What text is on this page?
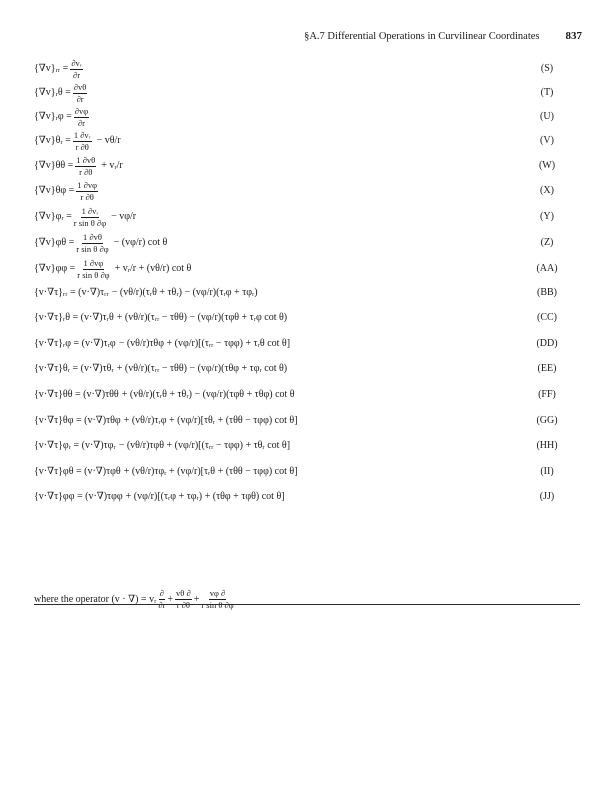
§A.7 Differential Operations in Curvilinear Coordinates 837
{∇v}ᵣᵣ = $\frac{\text{∂vᵣ}}{\partial r}$	(S)
{∇v}ᵣθ = $\frac{\partial v\theta}{\partial r}$	(T)
{∇v}ᵣφ = $\frac{\partial v\varphi}{\partial r}$	(U)
{∇v}θᵣ = $\frac{\text{1 ∂vᵣ}}{r \partial\theta} - v\theta/r$	(V)
$\{\nabla v\}\theta\theta = \frac{1 \partial v\theta}{r \partial\theta}$ + vᵣ/r	(W)
$\{\nabla v\}\theta\varphi = \frac{1 \partial v\varphi}{r \partial\theta}$	(X)
{∇v}φᵣ = $\frac{\text{1 ∂vᵣ}}{\text{r sin θ ∂φ}} - v\varphi/r$	(Y)
$\{\nabla v\}\varphi\theta = \frac{1 \partial v\theta}{\text{r sin θ ∂φ}} - (v\varphi/r)$ cot θ	(Z)
$\{\nabla v\}\varphi\varphi = \frac{1 \partial v\varphi}{\text{r sin θ ∂φ}}$ + vᵣ/r + (vθ/r) cot θ	(AA)
{v·∇τ}ᵣᵣ = (v·∇)τᵣᵣ − (vθ/r)(τᵣθ + τθᵣ) − (vφ/r)(τᵣφ + τφᵣ)	(BB)
{v·∇τ}ᵣθ = (v·∇)τᵣθ + (vθ/r)(τᵣᵣ − τθθ) − (vφ/r)(τφθ + τᵣφ cot θ)	(CC)
{v·∇τ}ᵣφ = (v·∇)τᵣφ − (vθ/r)τθφ + (vφ/r)[(τᵣᵣ − τφφ) + τᵣθ cot θ]	(DD)
{v·∇τ}θᵣ = (v·∇)τθᵣ + (vθ/r)(τᵣᵣ − τθθ) − (vφ/r)(τθφ + τφᵣ cot θ)	(EE)
{v·∇τ}θθ = (v·∇)τθθ + (vθ/r)(τᵣθ + τθᵣ) − (vφ/r)(τφθ + τθφ) cot θ	(FF)
{v·∇τ}θφ = (v·∇)τθφ + (vθ/r)τᵣφ + (vφ/r)[τθᵣ + (τθθ − τφφ) cot θ]	(GG)
{v·∇τ}φᵣ = (v·∇)τφᵣ − (vθ/r)τφθ + (vφ/r)[(τᵣᵣ − τφφ) + τθᵣ cot θ]	(HH)
{v·∇τ}φθ = (v·∇)τφθ + (vθ/r)τφᵣ + (vφ/r)[τᵣθ + (τθθ − τφφ) cot θ]	(II)
{v·∇τ}φφ = (v·∇)τφφ + (vφ/r)[(τᵣφ + τφᵣ) + (τθφ + τφθ) cot θ]	(JJ)
where the operator (v · ∇) = vᵣ $\frac{\partial}{\partial r} + \frac{v\theta \partial}{r \partial\theta} + \frac{v\varphi \partial}{\text{r sin θ ∂φ}}$
